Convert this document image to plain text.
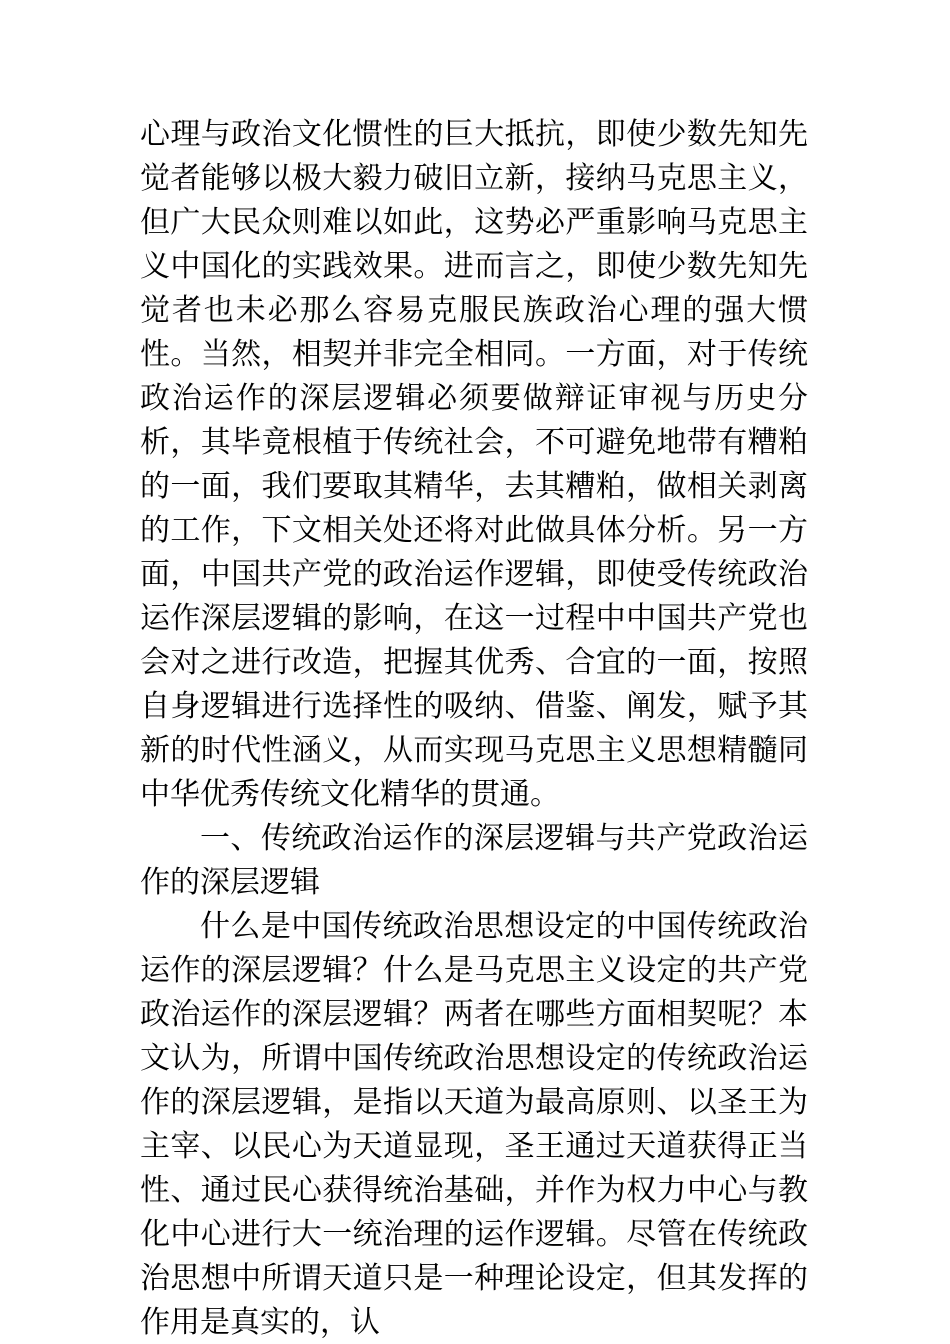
心理与政治文化惯性的巨大抵抗，即使少数先知先觉者能够以极大毅力破旧立新，接纳马克思主义，但广大民众则难以如此，这势必严重影响马克思主义中国化的实践效果。进而言之，即使少数先知先觉者也未必那么容易克服民族政治心理的强大惯性。当然，相契并非完全相同。一方面，对于传统政治运作的深层逻辑必须要做辩证审视与历史分析，其毕竟根植于传统社会，不可避免地带有糟粕的一面，我们要取其精华，去其糟粕，做相关剥离的工作，下文相关处还将对此做具体分析。另一方面，中国共产党的政治运作逻辑，即使受传统政治运作深层逻辑的影响，在这一过程中中国共产党也会对之进行改造，把握其优秀、合宜的一面，按照自身逻辑进行选择性的吸纳、借鉴、阐发，赋予其新的时代性涵义，从而实现马克思主义思想精髓同中华优秀传统文化精华的贯通。

一、传统政治运作的深层逻辑与共产党政治运作的深层逻辑

什么是中国传统政治思想设定的中国传统政治运作的深层逻辑？什么是马克思主义设定的共产党政治运作的深层逻辑？两者在哪些方面相契呢？本文认为，所谓中国传统政治思想设定的传统政治运作的深层逻辑，是指以天道为最高原则、以圣王为主宰、以民心为天道显现，圣王通过天道获得正当性、通过民心获得统治基础，并作为权力中心与教化中心进行大一统治理的运作逻辑。尽管在传统政治思想中所谓天道只是一种理论设定，但其发挥的作用是真实的，认
